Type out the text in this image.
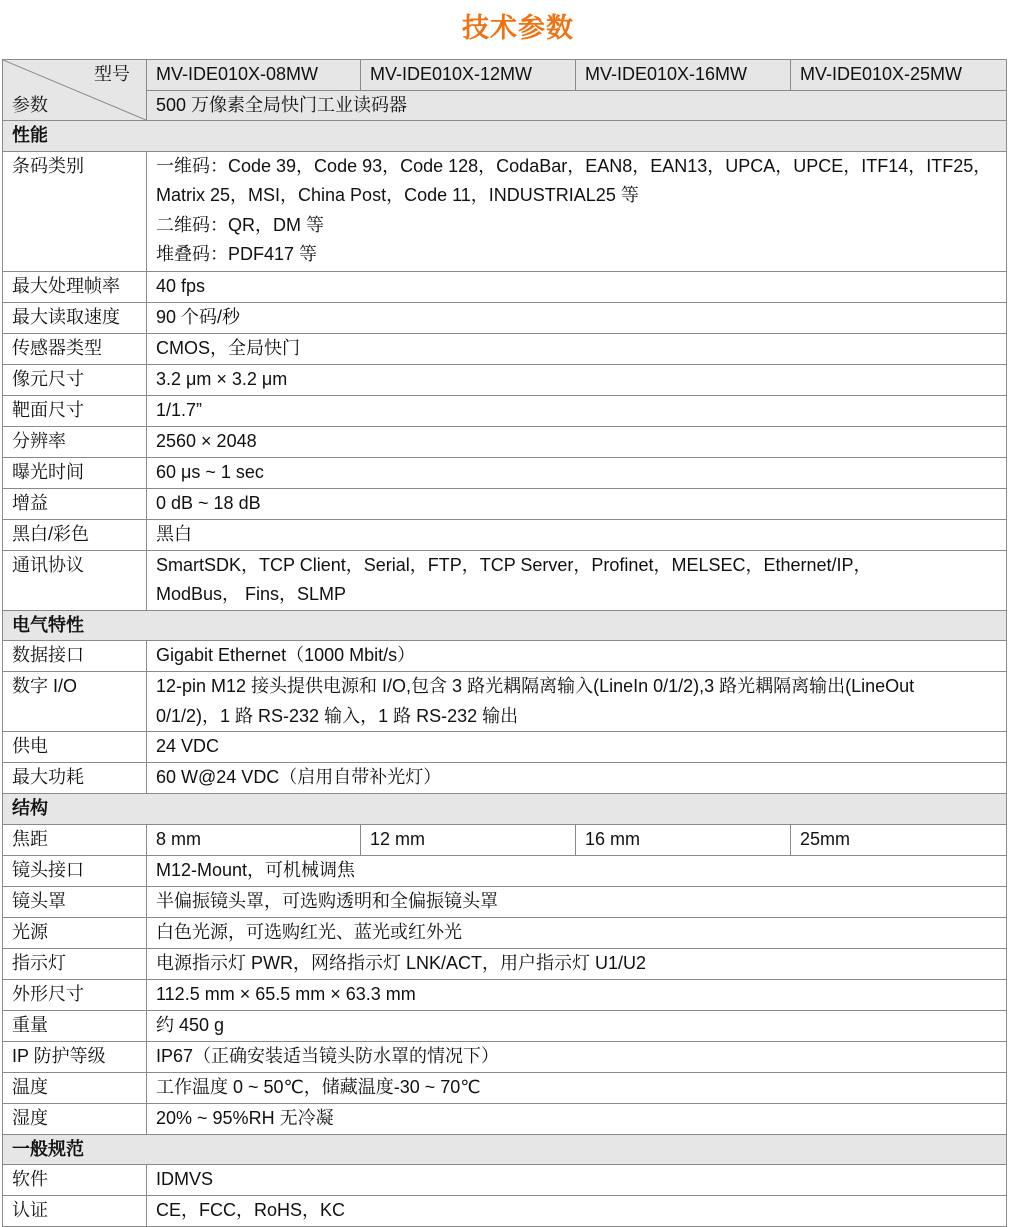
技术参数
型号
参数	MV-IDE010X-08MW	MV-IDE010X-12MW	MV-IDE010X-16MW	MV-IDE010X-25MW
	500 万像素全局快门工业读码器			
性能				
条码类别	一维码：Code 39，Code 93，Code 128，CodaBar，EAN8，EAN13，UPCA，UPCE，ITF14，ITF25，
Matrix 25，MSI，China Post，Code 11，INDUSTRIAL25 等
二维码：QR，DM 等
堆叠码：PDF417 等			

最大处理帧率	40 fps			
最大读取速度	90 个码/秒			
传感器类型	CMOS，全局快门			
像元尺寸	3.2 μm × 3.2 μm			
靶面尺寸	1/1.7”			
分辨率	2560 × 2048			
曝光时间	60 μs ~ 1 sec			
增益	0 dB ~ 18 dB			
黑白/彩色	黑白			
通讯协议	SmartSDK，TCP Client，Serial，FTP，TCP Server，Profinet，MELSEC，Ethernet/IP，
ModBus， Fins，SLMP			

电气特性				
数据接口	Gigabit Ethernet（1000 Mbit/s）			
数字 I/O	12-pin M12 接头提供电源和 I/O,包含 3 路光耦隔离输入(LineIn 0/1/2),3 路光耦隔离输出(LineOut
0/1/2)，1 路 RS-232 输入，1 路 RS-232 输出			

供电	24 VDC			
最大功耗	60 W@24 VDC（启用自带补光灯）			
结构				
焦距	8 mm	12 mm	16 mm	25mm
镜头接口	M12-Mount，可机械调焦			
镜头罩	半偏振镜头罩，可选购透明和全偏振镜头罩			
光源	白色光源，可选购红光、蓝光或红外光			
指示灯	电源指示灯 PWR，网络指示灯 LNK/ACT，用户指示灯 U1/U2			
外形尺寸	112.5 mm × 65.5 mm × 63.3 mm			
重量	约 450 g			
IP 防护等级	IP67（正确安装适当镜头防水罩的情况下）			
温度	工作温度 0 ~ 50℃，储藏温度-30 ~ 70℃			
湿度	20% ~ 95%RH 无冷凝			
一般规范				
软件	IDMVS			
认证	CE，FCC，RoHS，KC			
